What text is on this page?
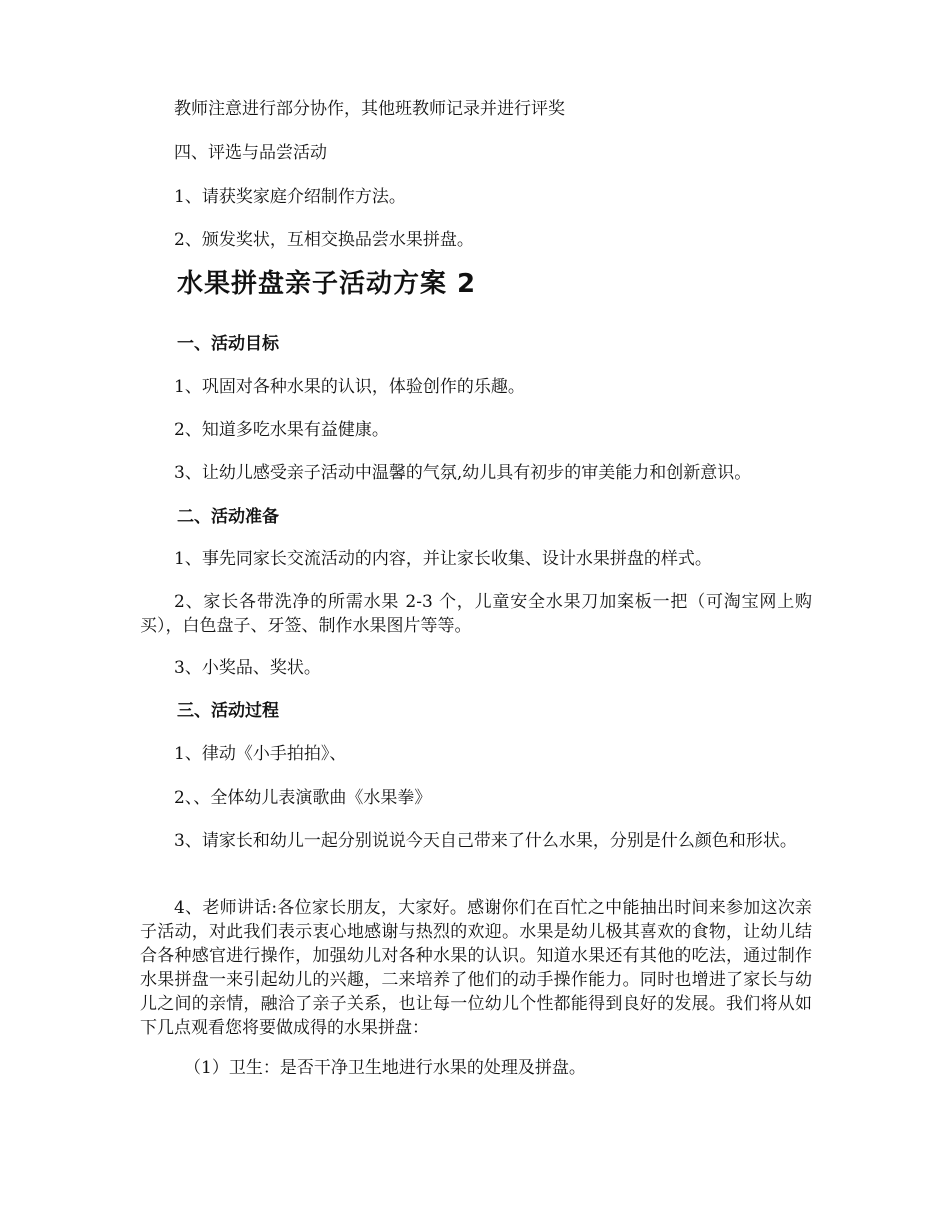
教师注意进行部分协作，其他班教师记录并进行评奖
四、评选与品尝活动
1、请获奖家庭介绍制作方法。
2、颁发奖状，互相交换品尝水果拼盘。
水果拼盘亲子活动方案 2
一、活动目标
1、巩固对各种水果的认识，体验创作的乐趣。
2、知道多吃水果有益健康。
3、让幼儿感受亲子活动中温馨的气氛,幼儿具有初步的审美能力和创新意识。
二、活动准备
1、事先同家长交流活动的内容，并让家长收集、设计水果拼盘的样式。
2、家长各带洗净的所需水果 2-3 个，儿童安全水果刀加案板一把（可淘宝网上购买），白色盘子、牙签、制作水果图片等等。
3、小奖品、奖状。
三、活动过程
1、律动《小手拍拍》、
2、、全体幼儿表演歌曲《水果拳》
3、请家长和幼儿一起分别说说今天自己带来了什么水果，分别是什么颜色和形状。
4、老师讲话:各位家长朋友，大家好。感谢你们在百忙之中能抽出时间来参加这次亲子活动，对此我们表示衷心地感谢与热烈的欢迎。水果是幼儿极其喜欢的食物，让幼儿结合各种感官进行操作，加强幼儿对各种水果的认识。知道水果还有其他的吃法，通过制作水果拼盘一来引起幼儿的兴趣，二来培养了他们的动手操作能力。同时也增进了家长与幼儿之间的亲情，融洽了亲子关系，也让每一位幼儿个性都能得到良好的发展。我们将从如下几点观看您将要做成得的水果拼盘：
（1）卫生：是否干净卫生地进行水果的处理及拼盘。
